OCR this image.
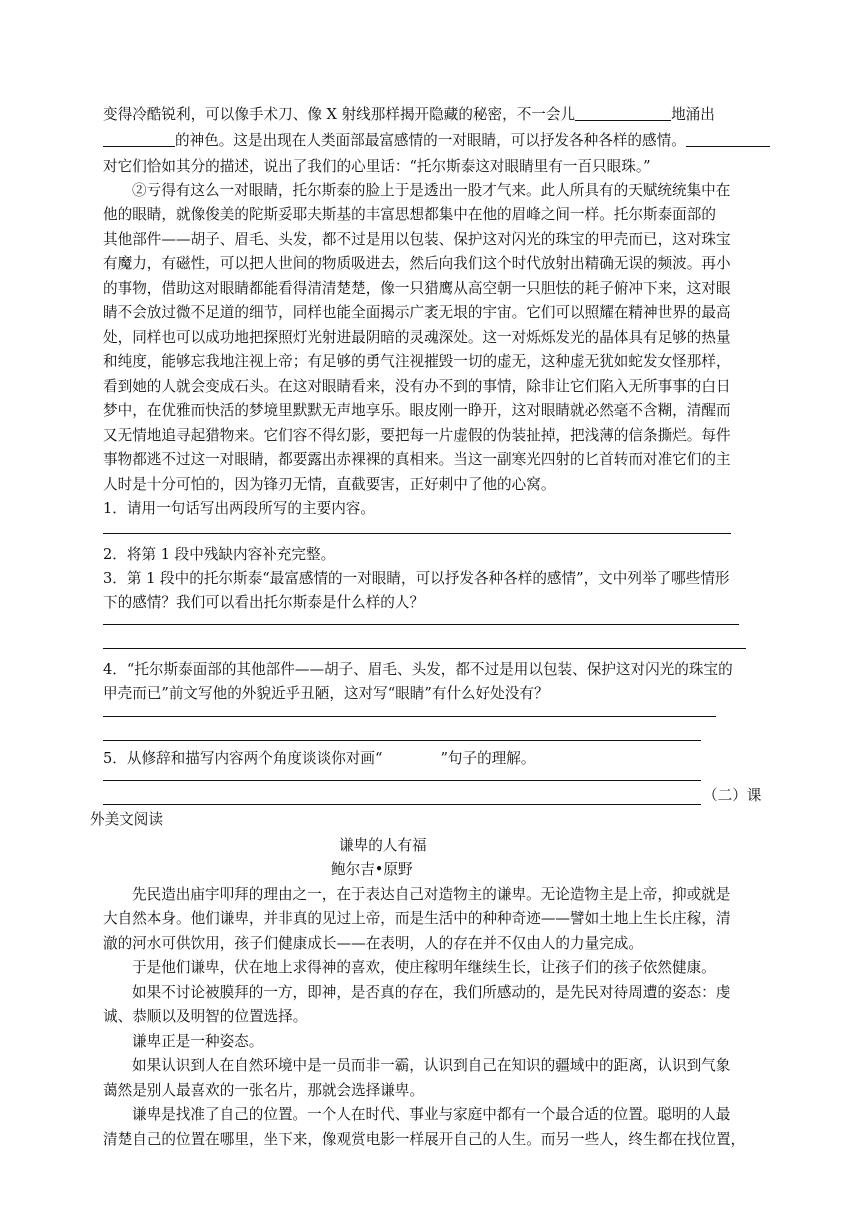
变得冷酷锐利，可以像手术刀、像 X 射线那样揭开隐藏的秘密，不一会儿	地涌出
的神色。这是出现在人类面部最富感情的一对眼睛，可以抒发各种各样的感情。
对它们恰如其分的描述，说出了我们的心里话：“托尔斯泰这对眼睛里有一百只眼珠。”
②亏得有这么一对眼睛，托尔斯泰的脸上于是透出一股才气来。此人所具有的天赋统统集中在
他的眼睛，就像俊美的陀斯妥耶夫斯基的丰富思想都集中在他的眉峰之间一样。托尔斯泰面部的
其他部件——胡子、眉毛、头发，都不过是用以包装、保护这对闪光的珠宝的甲壳而已，这对珠宝
有魔力，有磁性，可以把人世间的物质吸进去，然后向我们这个时代放射出精确无误的频波。再小
的事物，借助这对眼睛都能看得清清楚楚，像一只猎鹰从高空朝一只胆怯的耗子俯冲下来，这对眼
睛不会放过微不足道的细节，同样也能全面揭示广袤无垠的宇宙。它们可以照耀在精神世界的最高
处，同样也可以成功地把探照灯光射进最阴暗的灵魂深处。这一对烁烁发光的晶体具有足够的热量
和纯度，能够忘我地注视上帝；有足够的勇气注视摧毁一切的虚无，这种虚无犹如蛇发女怪那样，
看到她的人就会变成石头。在这对眼睛看来，没有办不到的事情，除非让它们陷入无所事事的白日
梦中，在优雅而快活的梦境里默默无声地享乐。眼皮刚一睁开，这对眼睛就必然毫不含糊，清醒而
又无情地追寻起猎物来。它们容不得幻影，要把每一片虚假的伪装扯掉，把浅薄的信条撕烂。每件
事物都逃不过这一对眼睛，都要露出赤裸裸的真相来。当这一副寒光四射的匕首转而对准它们的主
人时是十分可怕的，因为锋刃无情，直截要害，正好刺中了他的心窝。
1．请用一句话写出两段所写的主要内容。
2．将第 1 段中残缺内容补充完整。
3．第 1 段中的托尔斯泰“最富感情的一对眼睛，可以抒发各种各样的感情”，文中列举了哪些情形
下的感情？我们可以看出托尔斯泰是什么样的人？
4．“托尔斯泰面部的其他部件——胡子、眉毛、头发，都不过是用以包装、保护这对闪光的珠宝的
甲壳而已”前文写他的外貌近乎丑陋，这对写“眼睛”有什么好处没有？
5．从修辞和描写内容两个角度谈谈你对画“	”句子的理解。
（二）课
外美文阅读
谦卑的人有福
鲍尔吉•原野
先民造出庙宇叩拜的理由之一，在于表达自己对造物主的谦卑。无论造物主是上帝，抑或就是
大自然本身。他们谦卑，并非真的见过上帝，而是生活中的种种奇迹——譬如土地上生长庄稼，清
澈的河水可供饮用，孩子们健康成长——在表明，人的存在并不仅由人的力量完成。
于是他们谦卑，伏在地上求得神的喜欢，使庄稼明年继续生长，让孩子们的孩子依然健康。
如果不讨论被膜拜的一方，即神，是否真的存在，我们所感动的，是先民对待周遭的姿态：虔
诚、恭顺以及明智的位置选择。
谦卑正是一种姿态。
如果认识到人在自然环境中是一员而非一霸，认识到自己在知识的疆域中的距离，认识到气象
蔼然是别人最喜欢的一张名片，那就会选择谦卑。
谦卑是找准了自己的位置。一个人在时代、事业与家庭中都有一个最合适的位置。聪明的人最
清楚自己的位置在哪里，坐下来，像观赏电影一样展开自己的人生。而另一些人，终生都在找位置，
